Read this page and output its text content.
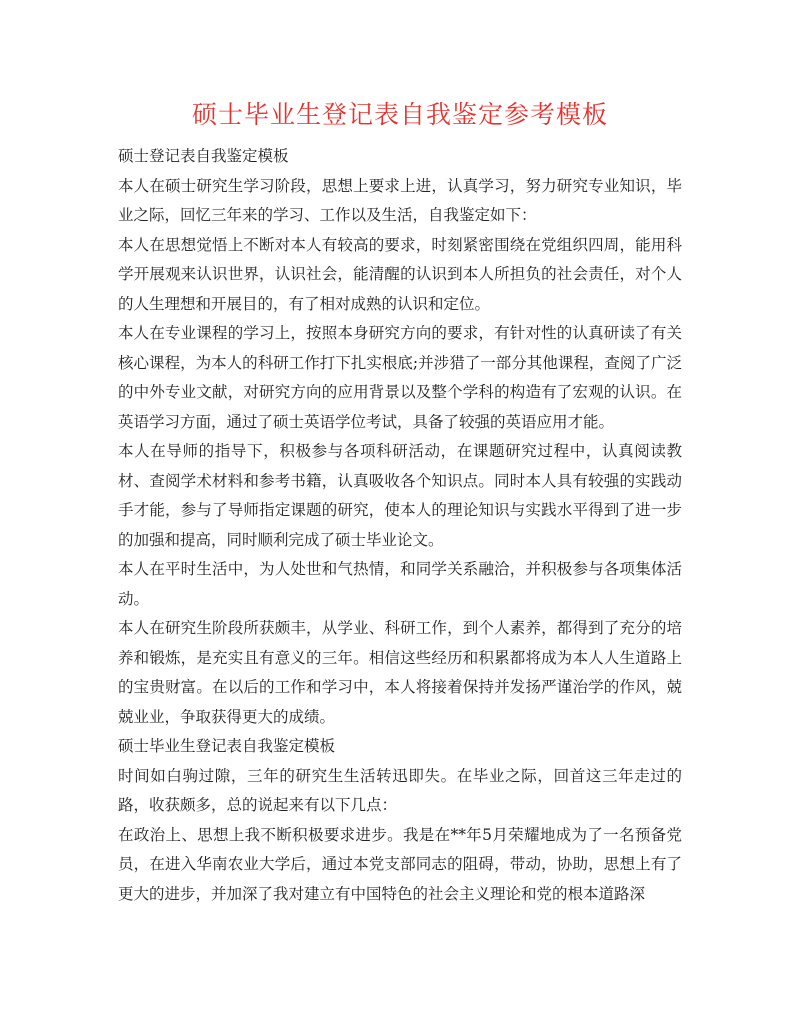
硕士毕业生登记表自我鉴定参考模板

硕士登记表自我鉴定模板

本人在硕士研究生学习阶段，思想上要求上进，认真学习，努力研究专业知识，毕业之际，回忆三年来的学习、工作以及生活，自我鉴定如下：

本人在思想觉悟上不断对本人有较高的要求，时刻紧密围绕在党组织四周，能用科学开展观来认识世界，认识社会，能清醒的认识到本人所担负的社会责任，对个人的人生理想和开展目的，有了相对成熟的认识和定位。

本人在专业课程的学习上，按照本身研究方向的要求，有针对性的认真研读了有关核心课程，为本人的科研工作打下扎实根底;并涉猎了一部分其他课程，查阅了广泛的中外专业文献，对研究方向的应用背景以及整个学科的构造有了宏观的认识。在英语学习方面，通过了硕士英语学位考试，具备了较强的英语应用才能。

本人在导师的指导下，积极参与各项科研活动，在课题研究过程中，认真阅读教材、查阅学术材料和参考书籍，认真吸收各个知识点。同时本人具有较强的实践动手才能，参与了导师指定课题的研究，使本人的理论知识与实践水平得到了进一步的加强和提高，同时顺利完成了硕士毕业论文。

本人在平时生活中，为人处世和气热情，和同学关系融洽，并积极参与各项集体活动。

本人在研究生阶段所获颇丰，从学业、科研工作，到个人素养，都得到了充分的培养和锻炼，是充实且有意义的三年。相信这些经历和积累都将成为本人人生道路上的宝贵财富。在以后的工作和学习中，本人将接着保持并发扬严谨治学的作风，兢兢业业，争取获得更大的成绩。

硕士毕业生登记表自我鉴定模板

时间如白驹过隙，三年的研究生生活转迅即失。在毕业之际，回首这三年走过的路，收获颇多，总的说起来有以下几点：

在政治上、思想上我不断积极要求进步。我是在**年5月荣耀地成为了一名预备党员，在进入华南农业大学后，通过本党支部同志的阻碍，带动，协助，思想上有了更大的进步，并加深了我对建立有中国特色的社会主义理论和党的根本道路深
